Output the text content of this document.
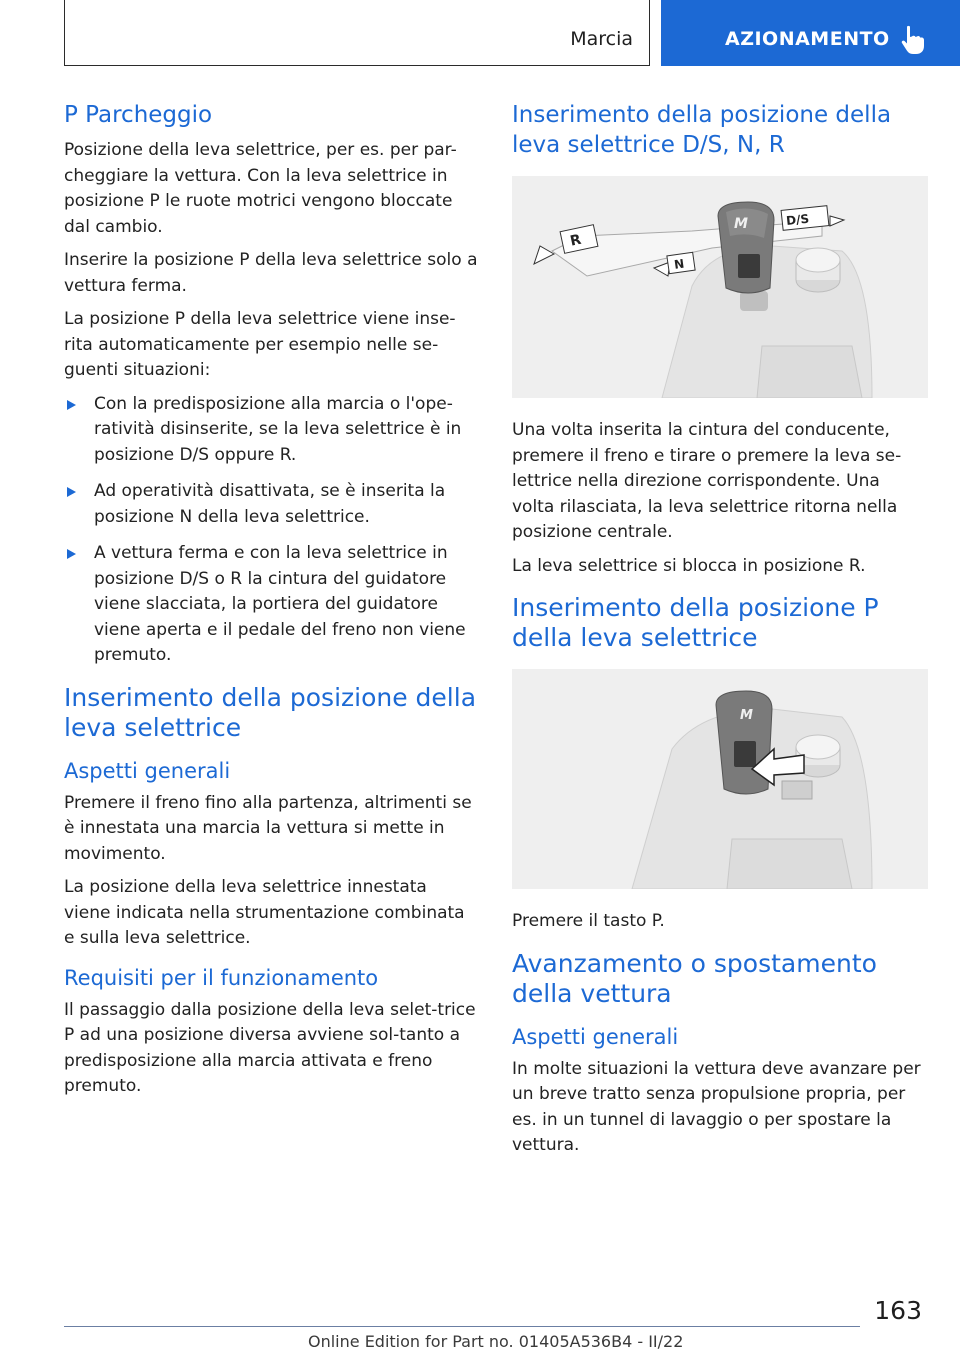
Marcia	AZIONAMENTO
P Parcheggio

Posizione della leva selettrice, per es. per par-cheggiare la vettura. Con la leva selettrice in posizione P le ruote motrici vengono bloccate dal cambio.

Inserire la posizione P della leva selettrice solo a vettura ferma.

La posizione P della leva selettrice viene inse-rita automaticamente per esempio nelle se-guenti situazioni:

Con la predisposizione alla marcia o l'ope-ratività disinserite, se la leva selettrice è in posizione D/S oppure R.
Ad operatività disattivata, se è inserita la posizione N della leva selettrice.
A vettura ferma e con la leva selettrice in posizione D/S o R la cintura del guidatore viene slacciata, la portiera del guidatore viene aperta e il pedale del freno non viene premuto.
Inserimento della posizione della leva selettrice
Aspetti generali

Premere il freno fino alla partenza, altrimenti se è innestata una marcia la vettura si mette in movimento.

La posizione della leva selettrice innestata viene indicata nella strumentazione combinata e sulla leva selettrice.

Requisiti per il funzionamento

Il passaggio dalla posizione della leva selet-trice P ad una posizione diversa avviene sol-tanto a predisposizione alla marcia attivata e freno premuto.

Inserimento della posizione della leva selettrice D/S, N, R
R
N
D/S
M

Una volta inserita la cintura del conducente, premere il freno e tirare o premere la leva se-lettrice nella direzione corrispondente. Una volta rilasciata, la leva selettrice ritorna nella posizione centrale.

La leva selettrice si blocca in posizione R.

Inserimento della posizione P della leva selettrice
M

Premere il tasto P.

Avanzamento o spostamento della vettura
Aspetti generali

In molte situazioni la vettura deve avanzare per un breve tratto senza propulsione propria, per es. in un tunnel di lavaggio o per spostare la vettura.

163
Online Edition for Part no. 01405A536B4 - II/22
